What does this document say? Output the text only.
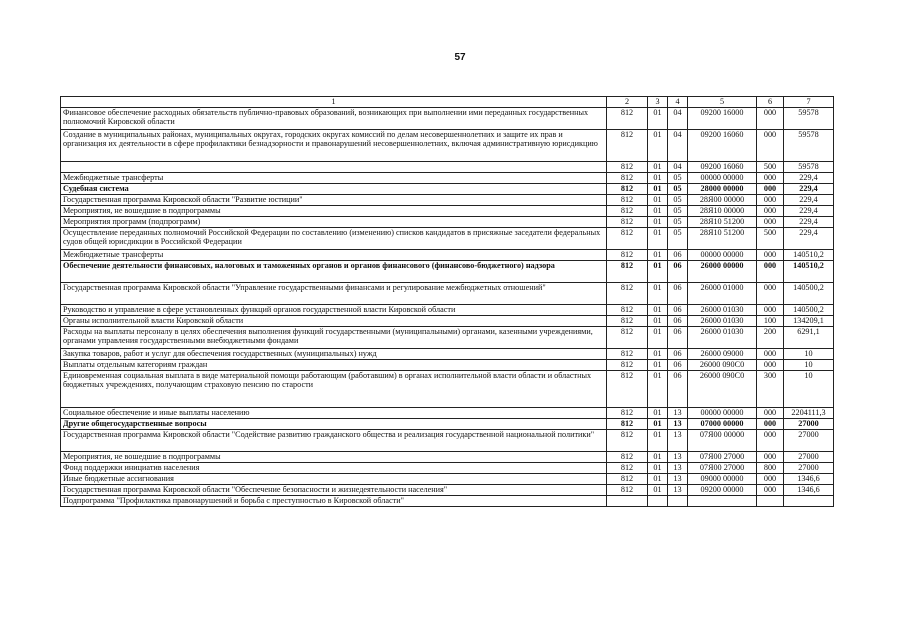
57
1	2	3	4	5	6	7
Финансовое обеспечение расходных обязательств публично-правовых образований, возникающих при выполнении ими переданных государственных полномочий Кировской области	812	01	04	09200 16000	000	59578
Создание в муниципальных районах, муниципальных округах, городских округах комиссий по делам несовершеннолетних и защите их прав и организация их деятельности в сфере профилактики безнадзорности и правонарушений несовершеннолетних, включая административную юрисдикцию	812	01	04	09200 16060	000	59578
	812	01	04	09200 16060	500	59578
Межбюджетные трансферты	812	01	05	00000 00000	000	229,4
Судебная система	812	01	05	28000 00000	000	229,4
Государственная программа Кировской области "Развитие юстиции"	812	01	05	28Я00 00000	000	229,4
Мероприятия, не вошедшие в подпрограммы	812	01	05	28Я10 00000	000	229,4
Мероприятия программ (подпрограмм)	812	01	05	28Я10 51200	000	229,4
Осуществление переданных полномочий Российской Федерации по составлению (изменению) списков кандидатов в присяжные заседатели федеральных судов общей юрисдикции в Российской Федерации	812	01	05	28Я10 51200	500	229,4
Межбюджетные трансферты	812	01	06	00000 00000	000	140510,2
Обеспечение деятельности финансовых, налоговых и таможенных органов и органов финансового (финансово-бюджетного) надзора	812	01	06	26000 00000	000	140510,2
Государственная программа Кировской области "Управление государственными финансами и регулирование межбюджетных отношений"	812	01	06	26000 01000	000	140500,2
Руководство и управление в сфере установленных функций органов государственной власти Кировской области	812	01	06	26000 01030	000	140500,2
Органы исполнительной власти Кировской области	812	01	06	26000 01030	100	134209,1
Расходы на выплаты персоналу в целях обеспечения выполнения функций государственными (муниципальными) органами, казенными учреждениями, органами управления государственными внебюджетными фондами	812	01	06	26000 01030	200	6291,1
Закупка товаров, работ и услуг для обеспечения государственных (муниципальных) нужд	812	01	06	26000 09000	000	10
Выплаты отдельным категориям граждан	812	01	06	26000 090С0	000	10
Единовременная социальная выплата в виде материальной помощи работающим (работавшим) в органах исполнительной власти области и областных бюджетных учреждениях, получающим страховую пенсию по старости	812	01	06	26000 090С0	300	10
Социальное обеспечение и иные выплаты населению	812	01	13	00000 00000	000	2204111,3
Другие общегосударственные вопросы	812	01	13	07000 00000	000	27000
Государственная программа Кировской области "Содействие развитию гражданского общества и реализация государственной национальной политики"	812	01	13	07Я00 00000	000	27000
Мероприятия, не вошедшие в подпрограммы	812	01	13	07Я00 27000	000	27000
Фонд поддержки инициатив населения	812	01	13	07Я00 27000	800	27000
Иные бюджетные ассигнования	812	01	13	09000 00000	000	1346,6
Государственная программа Кировской области "Обеспечение безопасности и жизнедеятельности населения"	812	01	13	09200 00000	000	1346,6
Подпрограмма "Профилактика правонарушений и борьба с преступностью в Кировской области"						
